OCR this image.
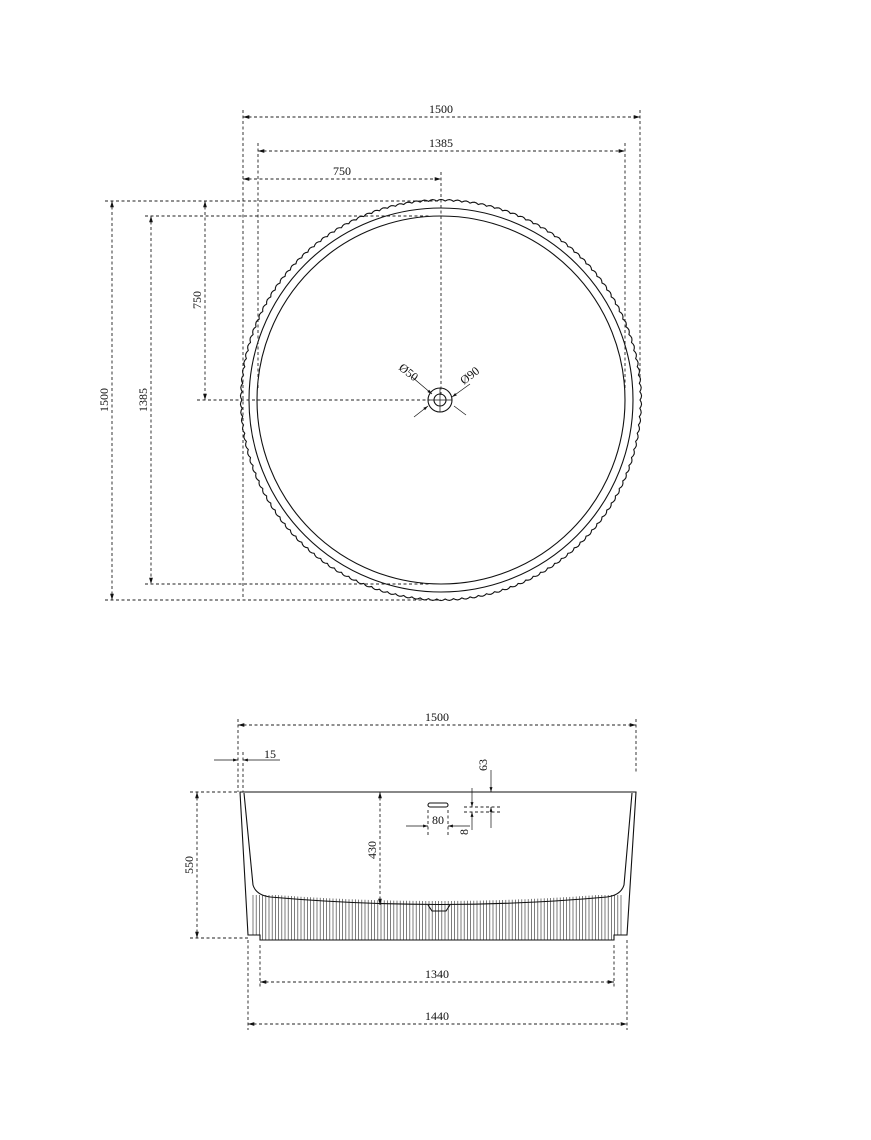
Ø50	Ø90
1500
1385
750
750
1500 1385
1500
15
80
8
63
1340
1440
550
430
